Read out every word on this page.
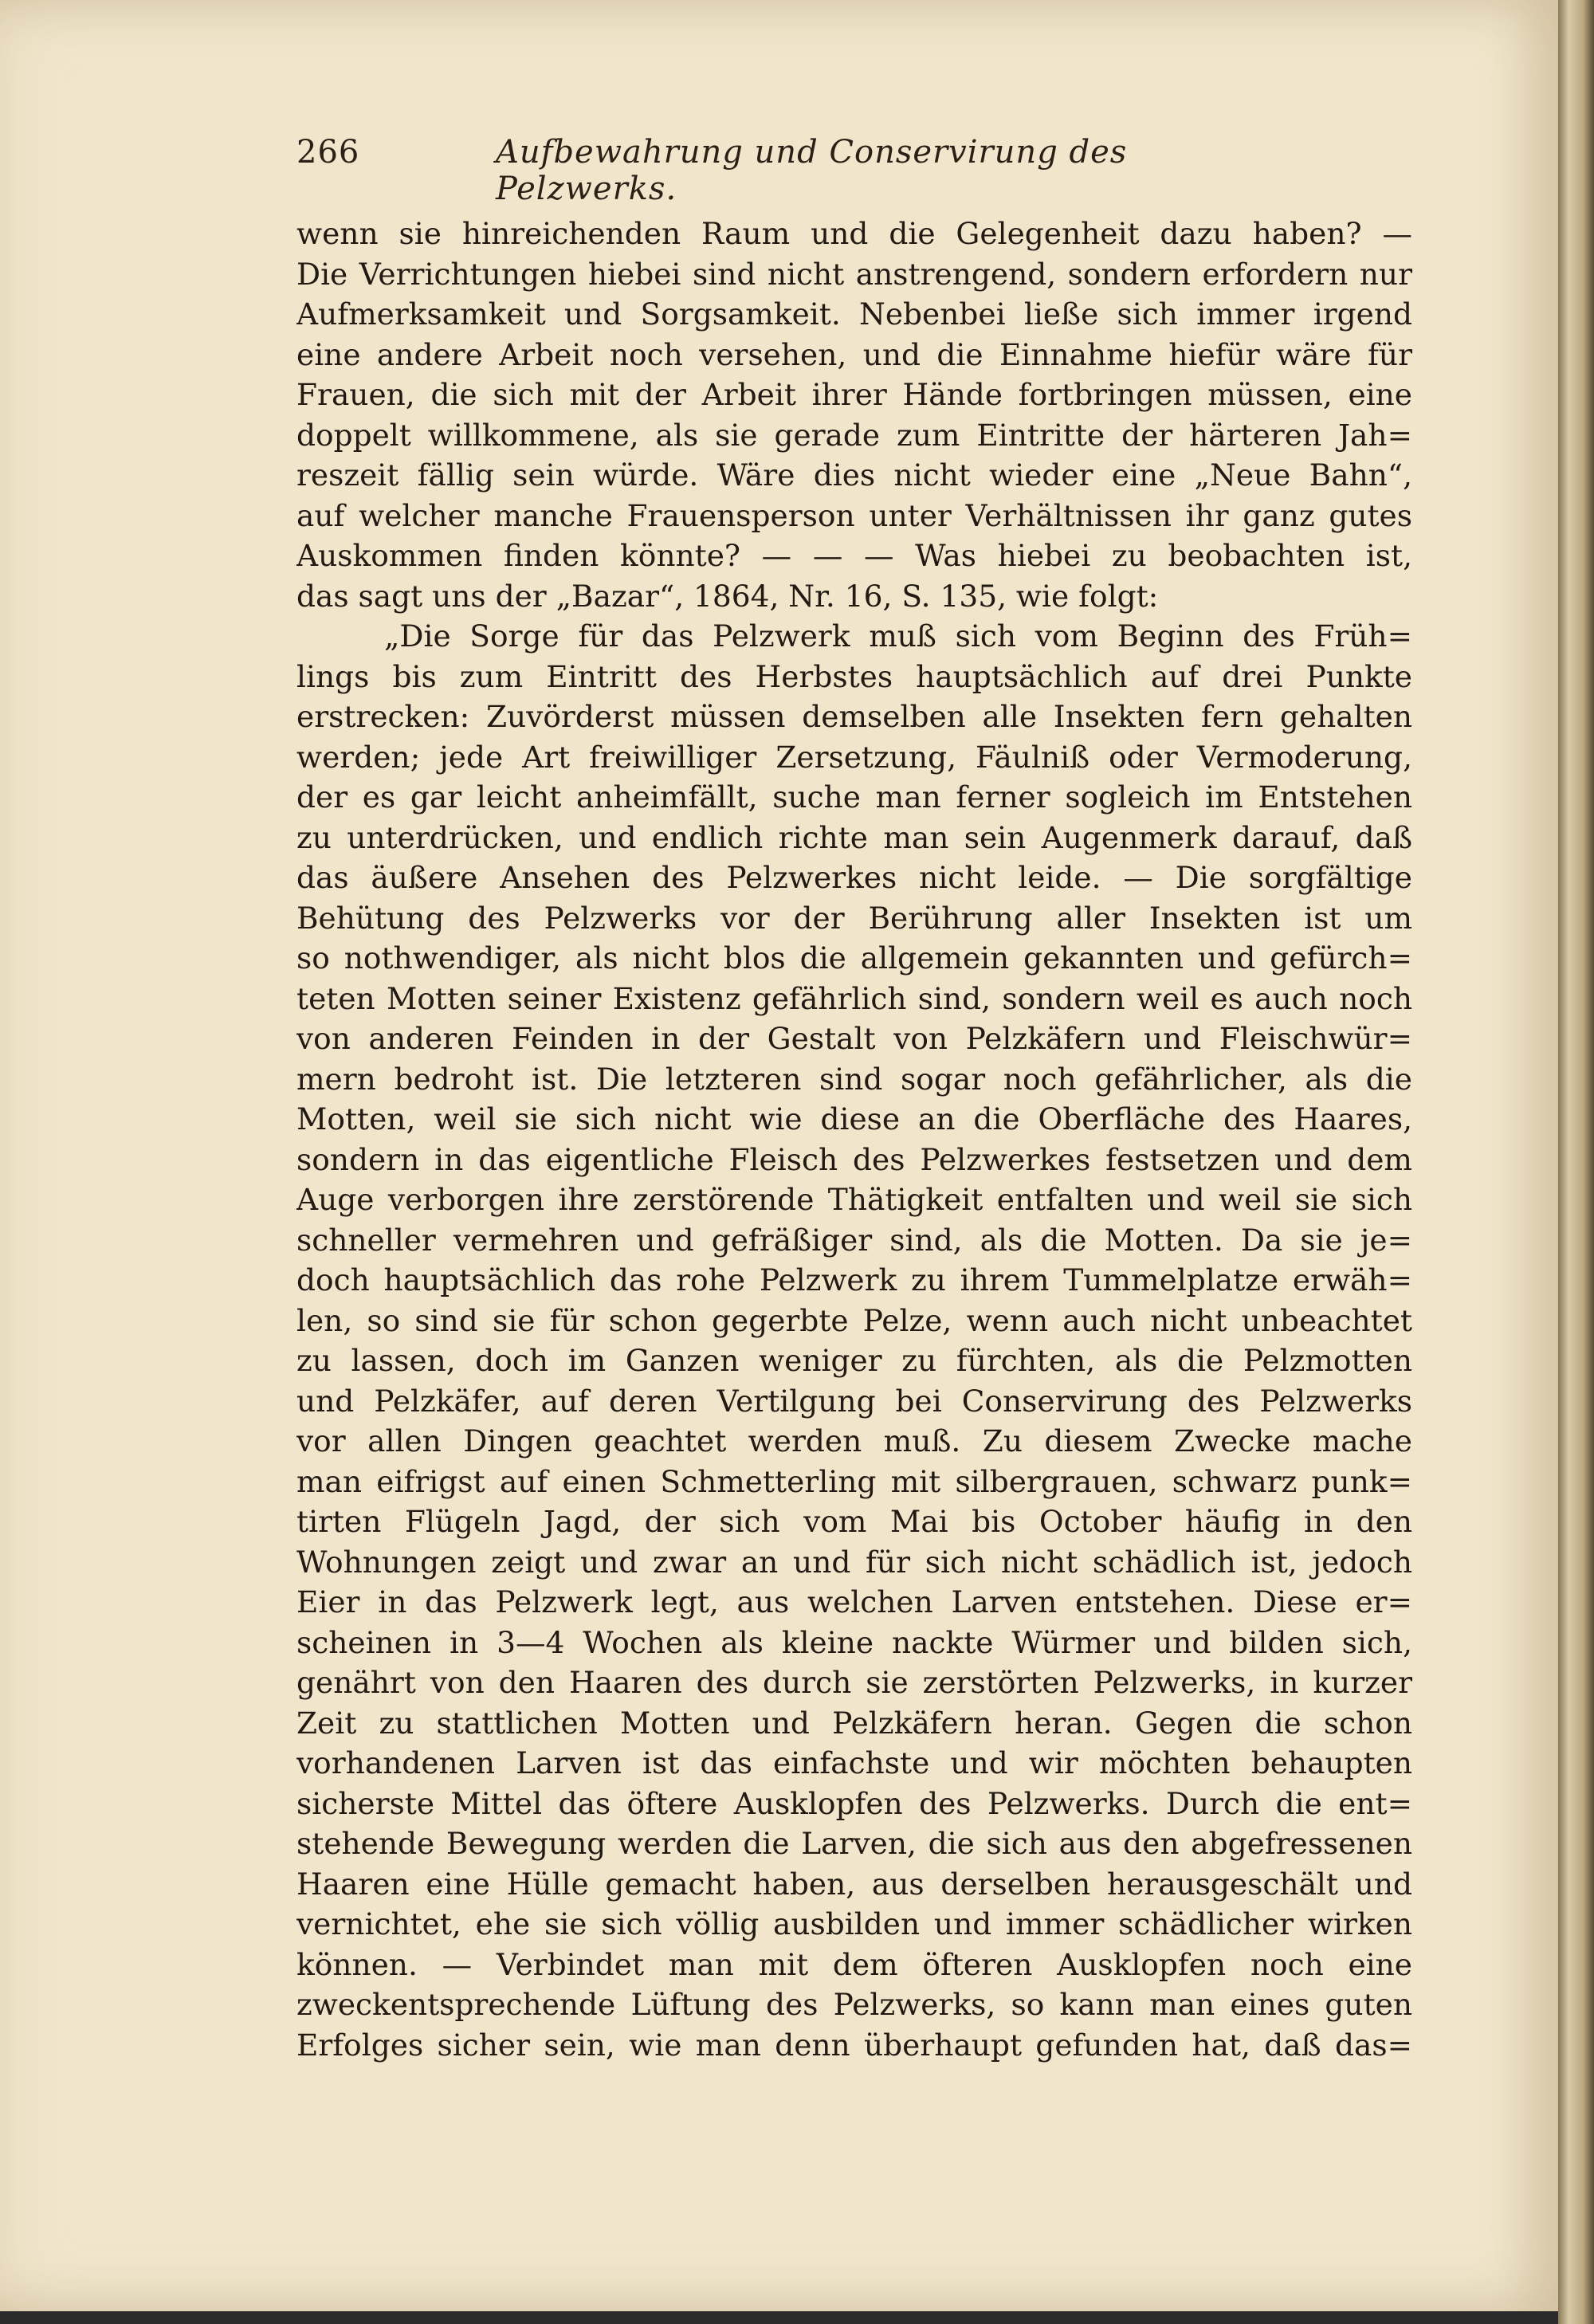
266	Aufbewahrung und Conservirung des Pelzwerks.
wenn sie hinreichenden Raum und die Gelegenheit dazu haben? —
Die Verrichtungen hiebei sind nicht anstrengend, sondern erfordern nur
Aufmerksamkeit und Sorgsamkeit. Nebenbei ließe sich immer irgend
eine andere Arbeit noch versehen, und die Einnahme hiefür wäre für
Frauen, die sich mit der Arbeit ihrer Hände fortbringen müssen, eine
doppelt willkommene, als sie gerade zum Eintritte der härteren Jah=
reszeit fällig sein würde. Wäre dies nicht wieder eine „Neue Bahn“,
auf welcher manche Frauensperson unter Verhältnissen ihr ganz gutes
Auskommen finden könnte? — — — Was hiebei zu beobachten ist,
das sagt uns der „Bazar“, 1864, Nr. 16, S. 135, wie folgt:
„Die Sorge für das Pelzwerk muß sich vom Beginn des Früh=
lings bis zum Eintritt des Herbstes hauptsächlich auf drei Punkte
erstrecken: Zuvörderst müssen demselben alle Insekten fern gehalten
werden; jede Art freiwilliger Zersetzung, Fäulniß oder Vermoderung,
der es gar leicht anheimfällt, suche man ferner sogleich im Entstehen
zu unterdrücken, und endlich richte man sein Augenmerk darauf, daß
das äußere Ansehen des Pelzwerkes nicht leide. — Die sorgfältige
Behütung des Pelzwerks vor der Berührung aller Insekten ist um
so nothwendiger, als nicht blos die allgemein gekannten und gefürch=
teten Motten seiner Existenz gefährlich sind, sondern weil es auch noch
von anderen Feinden in der Gestalt von Pelzkäfern und Fleischwür=
mern bedroht ist. Die letzteren sind sogar noch gefährlicher, als die
Motten, weil sie sich nicht wie diese an die Oberfläche des Haares,
sondern in das eigentliche Fleisch des Pelzwerkes festsetzen und dem
Auge verborgen ihre zerstörende Thätigkeit entfalten und weil sie sich
schneller vermehren und gefräßiger sind, als die Motten. Da sie je=
doch hauptsächlich das rohe Pelzwerk zu ihrem Tummelplatze erwäh=
len, so sind sie für schon gegerbte Pelze, wenn auch nicht unbeachtet
zu lassen, doch im Ganzen weniger zu fürchten, als die Pelzmotten
und Pelzkäfer, auf deren Vertilgung bei Conservirung des Pelzwerks
vor allen Dingen geachtet werden muß. Zu diesem Zwecke mache
man eifrigst auf einen Schmetterling mit silbergrauen, schwarz punk=
tirten Flügeln Jagd, der sich vom Mai bis October häufig in den
Wohnungen zeigt und zwar an und für sich nicht schädlich ist, jedoch
Eier in das Pelzwerk legt, aus welchen Larven entstehen. Diese er=
scheinen in 3—4 Wochen als kleine nackte Würmer und bilden sich,
genährt von den Haaren des durch sie zerstörten Pelzwerks, in kurzer
Zeit zu stattlichen Motten und Pelzkäfern heran. Gegen die schon
vorhandenen Larven ist das einfachste und wir möchten behaupten
sicherste Mittel das öftere Ausklopfen des Pelzwerks. Durch die ent=
stehende Bewegung werden die Larven, die sich aus den abgefressenen
Haaren eine Hülle gemacht haben, aus derselben herausgeschält und
vernichtet, ehe sie sich völlig ausbilden und immer schädlicher wirken
können. — Verbindet man mit dem öfteren Ausklopfen noch eine
zweckentsprechende Lüftung des Pelzwerks, so kann man eines guten
Erfolges sicher sein, wie man denn überhaupt gefunden hat, daß das=
